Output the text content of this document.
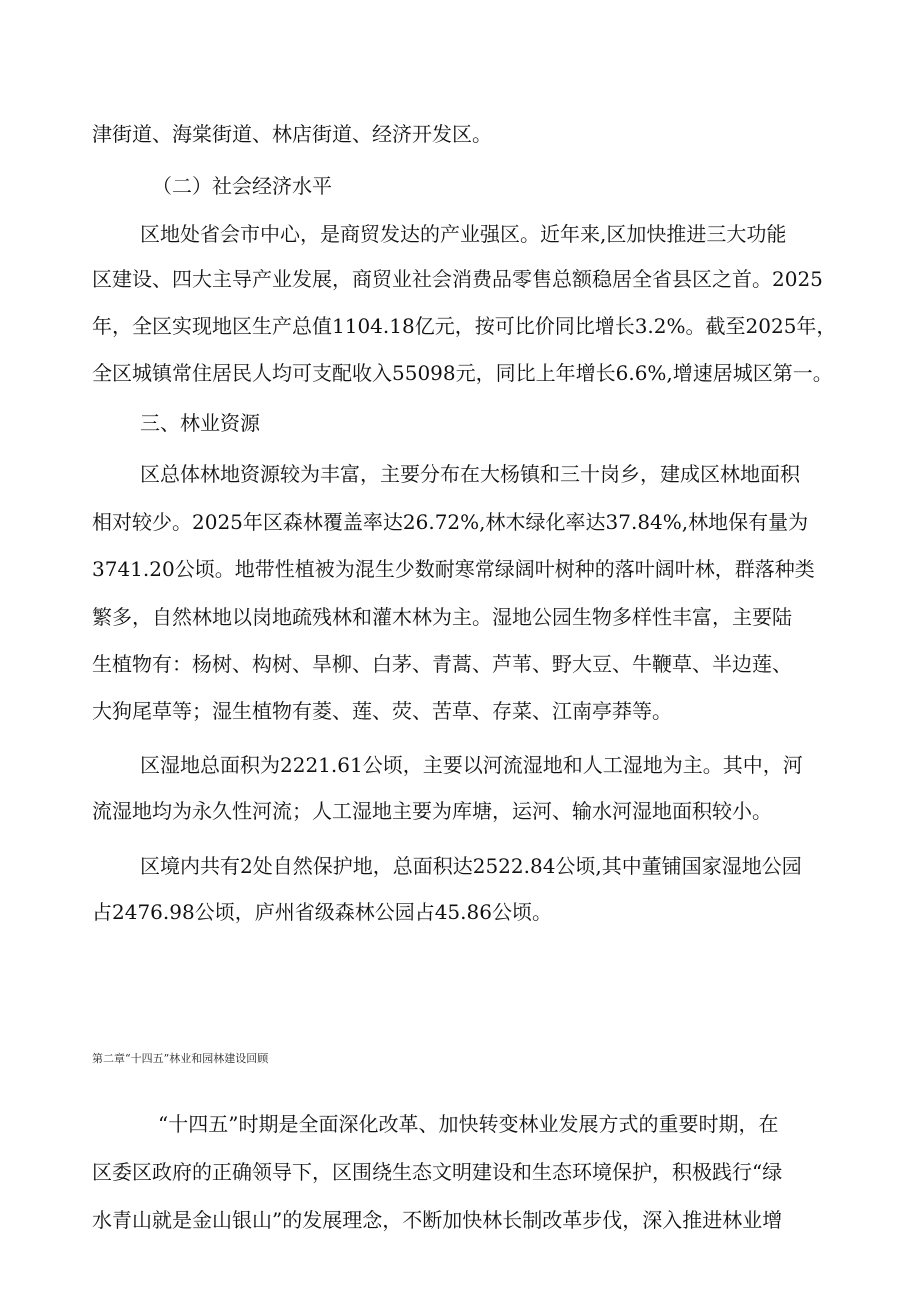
津街道、海棠街道、林店街道、经济开发区。
（二）社会经济水平
区地处省会市中心，是商贸发达的产业强区。近年来,区加快推进三大功能
区建设、四大主导产业发展，商贸业社会消费品零售总额稳居全省县区之首。2025
年，全区实现地区生产总值1104.18亿元，按可比价同比增长3.2%。截至2025年，
全区城镇常住居民人均可支配收入55098元，同比上年增长6.6%,增速居城区第一。
三、林业资源
区总体林地资源较为丰富，主要分布在大杨镇和三十岗乡，建成区林地面积
相对较少。2025年区森林覆盖率达26.72%,林木绿化率达37.84%,林地保有量为
3741.20公顷。地带性植被为混生少数耐寒常绿阔叶树种的落叶阔叶林，群落种类
繁多，自然林地以岗地疏残林和灌木林为主。湿地公园生物多样性丰富，主要陆
生植物有：杨树、构树、旱柳、白茅、青蒿、芦苇、野大豆、牛鞭草、半边莲、
大狗尾草等；湿生植物有菱、莲、荧、苦草、存菜、江南亭莽等。
区湿地总面积为2221.61公顷，主要以河流湿地和人工湿地为主。其中，河
流湿地均为永久性河流；人工湿地主要为库塘，运河、输水河湿地面积较小。
区境内共有2处自然保护地，总面积达2522.84公顷,其中董铺国家湿地公园
占2476.98公顷，庐州省级森林公园占45.86公顷。
第二章“十四五”林业和园林建设回顾
“十四五”时期是全面深化改革、加快转变林业发展方式的重要时期，在
区委区政府的正确领导下，区围绕生态文明建设和生态环境保护，积极践行“绿
水青山就是金山银山”的发展理念，不断加快林长制改革步伐，深入推进林业增
